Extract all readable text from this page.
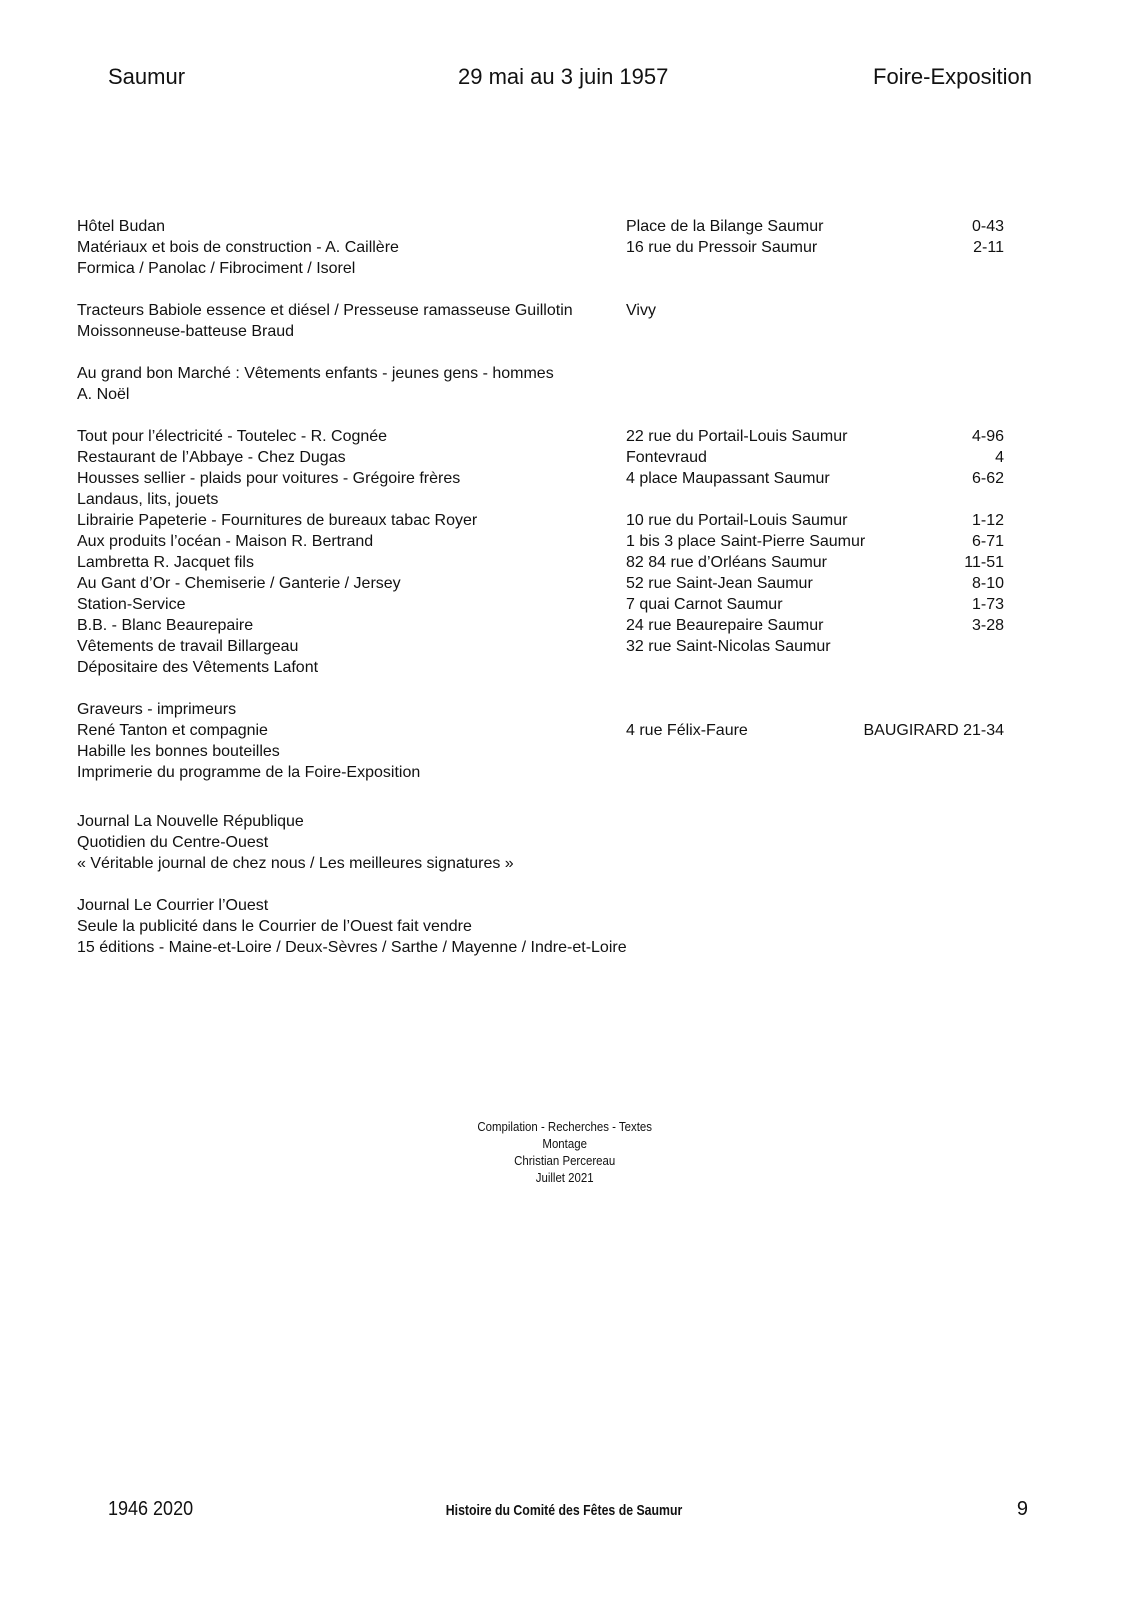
Saumur	29 mai au 3 juin 1957	Foire-Exposition
Hôtel Budan	Place de la Bilange Saumur	0-43
Matériaux et bois de construction - A. Caillère	16 rue du Pressoir Saumur	2-11
Formica / Panolac / Fibrociment / Isorel
Tracteurs Babiole essence et diésel / Presseuse ramasseuse Guillotin	Vivy
Moissonneuse-batteuse Braud
Au grand bon Marché : Vêtements enfants - jeunes gens - hommes
A. Noël
Tout pour l’électricité - Toutelec - R. Cognée	22 rue du Portail-Louis Saumur	4-96
Restaurant de l’Abbaye - Chez Dugas	Fontevraud	4
Housses sellier - plaids pour voitures - Grégoire frères	4 place Maupassant Saumur	6-62
Landaus, lits, jouets
Librairie Papeterie - Fournitures de bureaux tabac Royer	10 rue du Portail-Louis Saumur	1-12
Aux produits l’océan - Maison R. Bertrand	1 bis 3 place Saint-Pierre Saumur	6-71
Lambretta R. Jacquet fils	82 84 rue d’Orléans Saumur	11-51
Au Gant d’Or - Chemiserie / Ganterie / Jersey	52 rue Saint-Jean Saumur	8-10
Station-Service	7 quai Carnot Saumur	1-73
B.B. - Blanc Beaurepaire	24 rue Beaurepaire Saumur	3-28
Vêtements de travail Billargeau	32 rue Saint-Nicolas Saumur
Dépositaire des Vêtements Lafont
Graveurs - imprimeurs
René Tanton et compagnie	4 rue Félix-Faure	BAUGIRARD 21-34
Habille les bonnes bouteilles
Imprimerie du programme de la Foire-Exposition
Journal La Nouvelle République
Quotidien du Centre-Ouest
« Véritable journal de chez nous / Les meilleures signatures »
Journal Le Courrier l’Ouest
Seule la publicité dans le Courrier de l’Ouest fait vendre
15 éditions - Maine-et-Loire / Deux-Sèvres / Sarthe / Mayenne / Indre-et-Loire
Compilation - Recherches - Textes
Montage
Christian Percereau
Juillet 2021
1946 2020	Histoire du Comité des Fêtes de Saumur	9
